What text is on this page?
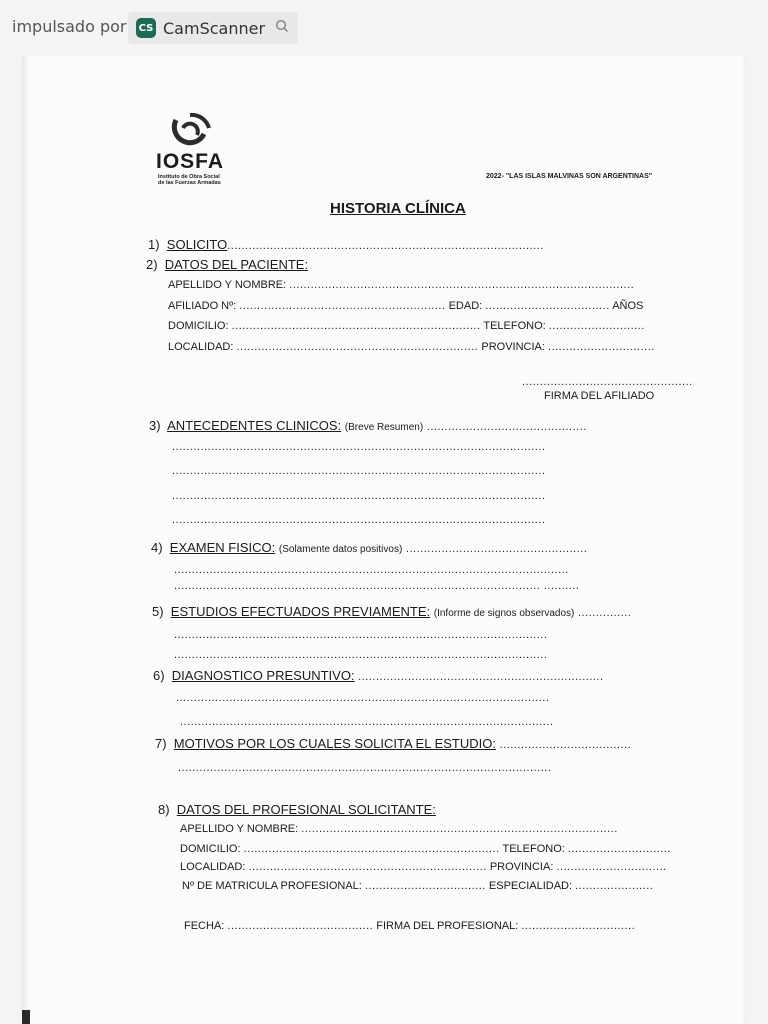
impulsado por CS CamScanner
IOSFA
Instituto de Obra Social
de las Fuerzas Armadas
2022- "LAS ISLAS MALVINAS SON ARGENTINAS"
HISTORIA CLÍNICA
1) SOLICITO.........................................................................................
2) DATOS DEL PACIENTE:
APELLIDO Y NOMBRE: .................................................................................................
AFILIADO Nº: .......................................................... EDAD: ................................... AÑOS
DOMICILIO: ...................................................................... TELEFONO: ...........................
LOCALIDAD: .................................................................... PROVINCIA: ..............................
................................................
FIRMA DEL AFILIADO
3) ANTECEDENTES CLINICOS: (Breve Resumen) .............................................
.........................................................................................................
.........................................................................................................
.........................................................................................................
.........................................................................................................
4) EXAMEN FISICO: (Solamente datos positivos) ...................................................
...............................................................................................................
....................................................................................................... ..........
5) ESTUDIOS EFECTUADOS PREVIAMENTE: (Informe de signos observados) ...............
.........................................................................................................
.........................................................................................................
6) DIAGNOSTICO PRESUNTIVO: .....................................................................
.........................................................................................................
.........................................................................................................
7) MOTIVOS POR LOS CUALES SOLICITA EL ESTUDIO: .....................................
.........................................................................................................
8) DATOS DEL PROFESIONAL SOLICITANTE:
APELLIDO Y NOMBRE: .........................................................................................
DOMICILIO: ........................................................................ TELEFONO: .............................
LOCALIDAD: ................................................................... PROVINCIA: ...............................
Nº DE MATRICULA PROFESIONAL: .................................. ESPECIALIDAD: ......................
FECHA: ......................................... FIRMA DEL PROFESIONAL: ................................
